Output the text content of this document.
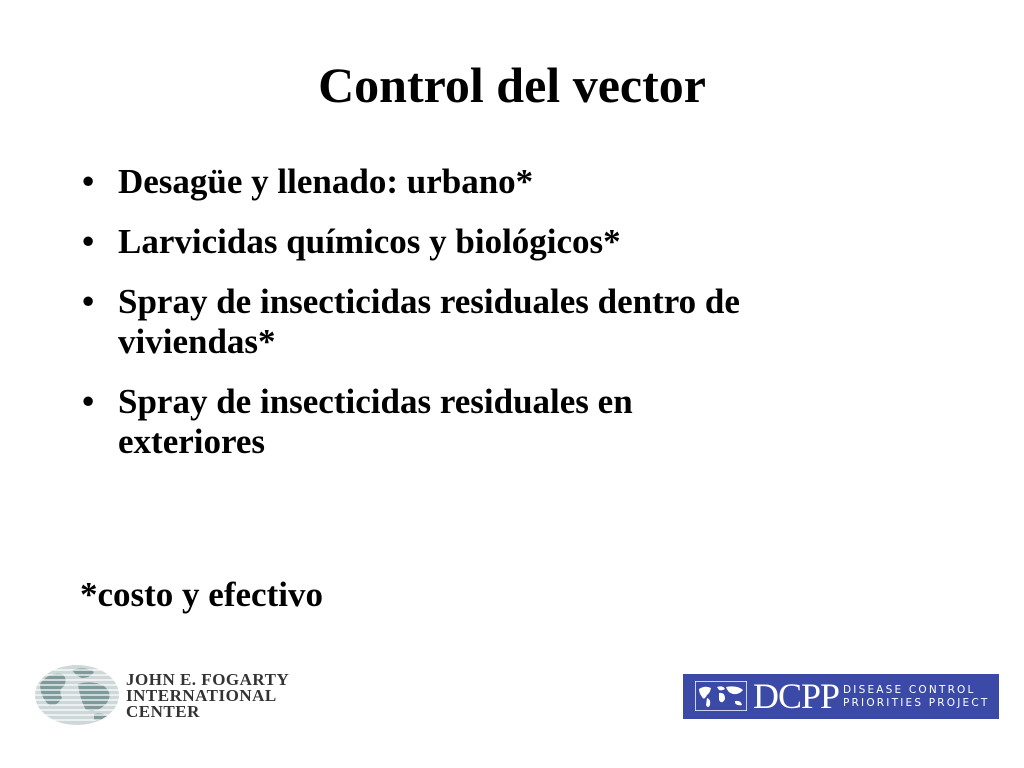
Control del vector
• Desagüe y llenado: urbano*
• Larvicidas químicos y biológicos*
• Spray de insecticidas residuales dentro de
viviendas*
• Spray de insecticidas residuales en
exteriores
*costo y efectivo
JOHN E. FOGARTY
INTERNATIONAL
CENTER	DCPP DISEASE CONTROL
PRIORITIES PROJECT
